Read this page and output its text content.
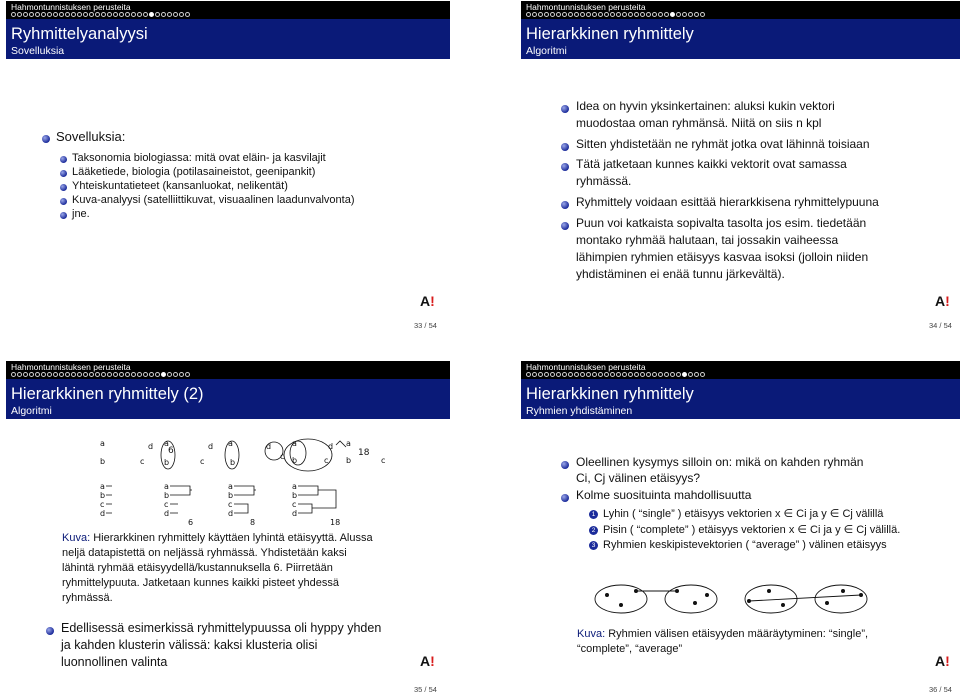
Hahmontunnistuksen perusteita
Ryhmittelyanalyysi
Sovelluksia
Sovelluksia:
Taksonomia biologiassa: mitä ovat eläin- ja kasvilajit
Lääketiede, biologia (potilasaineistot, geenipankit)
Yhteiskuntatieteet (kansanluokat, nelikentät)
Kuva-analyysi (satelliittikuvat, visuaalinen laadunvalvonta)
jne.
A!
33 / 54
Hahmontunnistuksen perusteita
Hierarkkinen ryhmittely
Algoritmi
Idea on hyvin yksinkertainen: aluksi kukin vektori
muodostaa oman ryhmänsä. Niitä on siis n kpl
Sitten yhdistetään ne ryhmät jotka ovat lähinnä toisiaan
Tätä jatketaan kunnes kaikki vektorit ovat samassa
ryhmässä.
Ryhmittely voidaan esittää hierarkkisena ryhmittelypuuna
Puun voi katkaista sopivalta tasolta jos esim. tiedetään
montako ryhmää halutaan, tai jossakin vaiheessa
lähimpien ryhmien etäisyys kasvaa isoksi (jolloin niiden
yhdistäminen ei enää tunnu järkevältä).
A!
34 / 54
Hahmontunnistuksen perusteita
Hierarkkinen ryhmittely (2)
Algoritmi
a
b
d
c
a
b
6	d
c
a
b
d
c
a
b
d
c
a
b
18
c
a
b
c
d
a
b
c
d
6
a
b
c
d
8
a
b
c
d
18
Kuva: Hierarkkinen ryhmittely käyttäen lyhintä etäisyyttä. Alussa
neljä datapistettä on neljässä ryhmässä. Yhdistetään kaksi
lähintä ryhmää etäisyydellä/kustannuksella 6. Piirretään
ryhmittelypuuta. Jatketaan kunnes kaikki pisteet yhdessä
ryhmässä.
Edellisessä esimerkissä ryhmittelypuussa oli hyppy yhden
ja kahden klusterin välissä: kaksi klusteria olisi
luonnollinen valinta	A!
35 / 54
Hahmontunnistuksen perusteita
Hierarkkinen ryhmittely
Ryhmien yhdistäminen
Oleellinen kysymys silloin on: mikä on kahden ryhmän
Ci, Cj välinen etäisyys?
Kolme suosituinta mahdollisuutta
1 Lyhin ( “single” ) etäisyys vektorien x ∈ Ci ja y ∈ Cj välillä
2 Pisin ( “complete” ) etäisyys vektorien x ∈ Ci ja y ∈ Cj välillä.
3 Ryhmien keskipistevektorien ( “average” ) välinen etäisyys
Kuva: Ryhmien välisen etäisyyden määräytyminen: “single”,
“complete”, “average”
A!
36 / 54
